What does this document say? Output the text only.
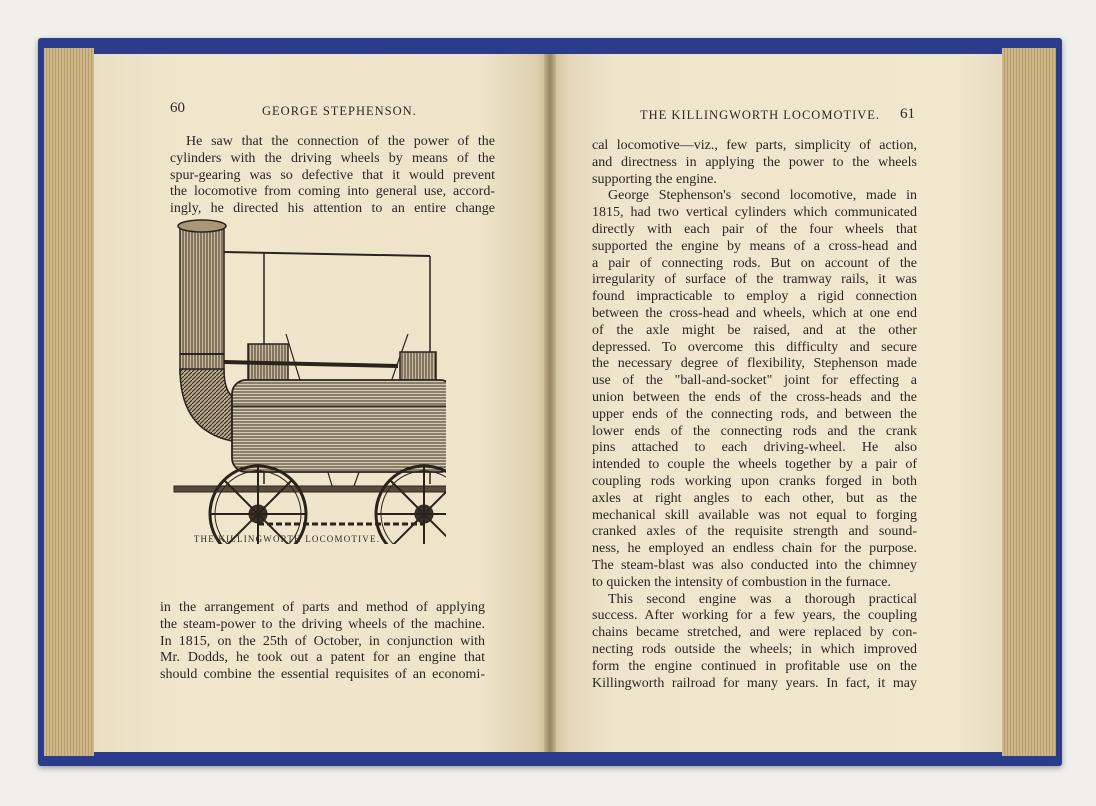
60	GEORGE STEPHENSON.
He saw that the connection of the power of the
cylinders with the driving wheels by means of the
spur-gearing was so defective that it would prevent
the locomotive from coming into general use, accord-
ingly, he directed his attention to an entire change
THE KILLINGWORTH LOCOMOTIVE.
in the arrangement of parts and method of applying
the steam-power to the driving wheels of the machine.
In 1815, on the 25th of October, in conjunction with
Mr. Dodds, he took out a patent for an engine that
should combine the essential requisites of an economi-
THE KILLINGWORTH LOCOMOTIVE. 61
cal locomotive—viz., few parts, simplicity of action,
and directness in applying the power to the wheels
supporting the engine.
George Stephenson's second locomotive, made in
1815, had two vertical cylinders which communicated
directly with each pair of the four wheels that
supported the engine by means of a cross-head and
a pair of connecting rods. But on account of the
irregularity of surface of the tramway rails, it was
found impracticable to employ a rigid connection
between the cross-head and wheels, which at one end
of the axle might be raised, and at the other
depressed. To overcome this difficulty and secure
the necessary degree of flexibility, Stephenson made
use of the "ball-and-socket" joint for effecting a
union between the ends of the cross-heads and the
upper ends of the connecting rods, and between the
lower ends of the connecting rods and the crank
pins attached to each driving-wheel. He also
intended to couple the wheels together by a pair of
coupling rods working upon cranks forged in both
axles at right angles to each other, but as the
mechanical skill available was not equal to forging
cranked axles of the requisite strength and sound-
ness, he employed an endless chain for the purpose.
The steam-blast was also conducted into the chimney
to quicken the intensity of combustion in the furnace.
This second engine was a thorough practical
success. After working for a few years, the coupling
chains became stretched, and were replaced by con-
necting rods outside the wheels; in which improved
form the engine continued in profitable use on the
Killingworth railroad for many years. In fact, it may
